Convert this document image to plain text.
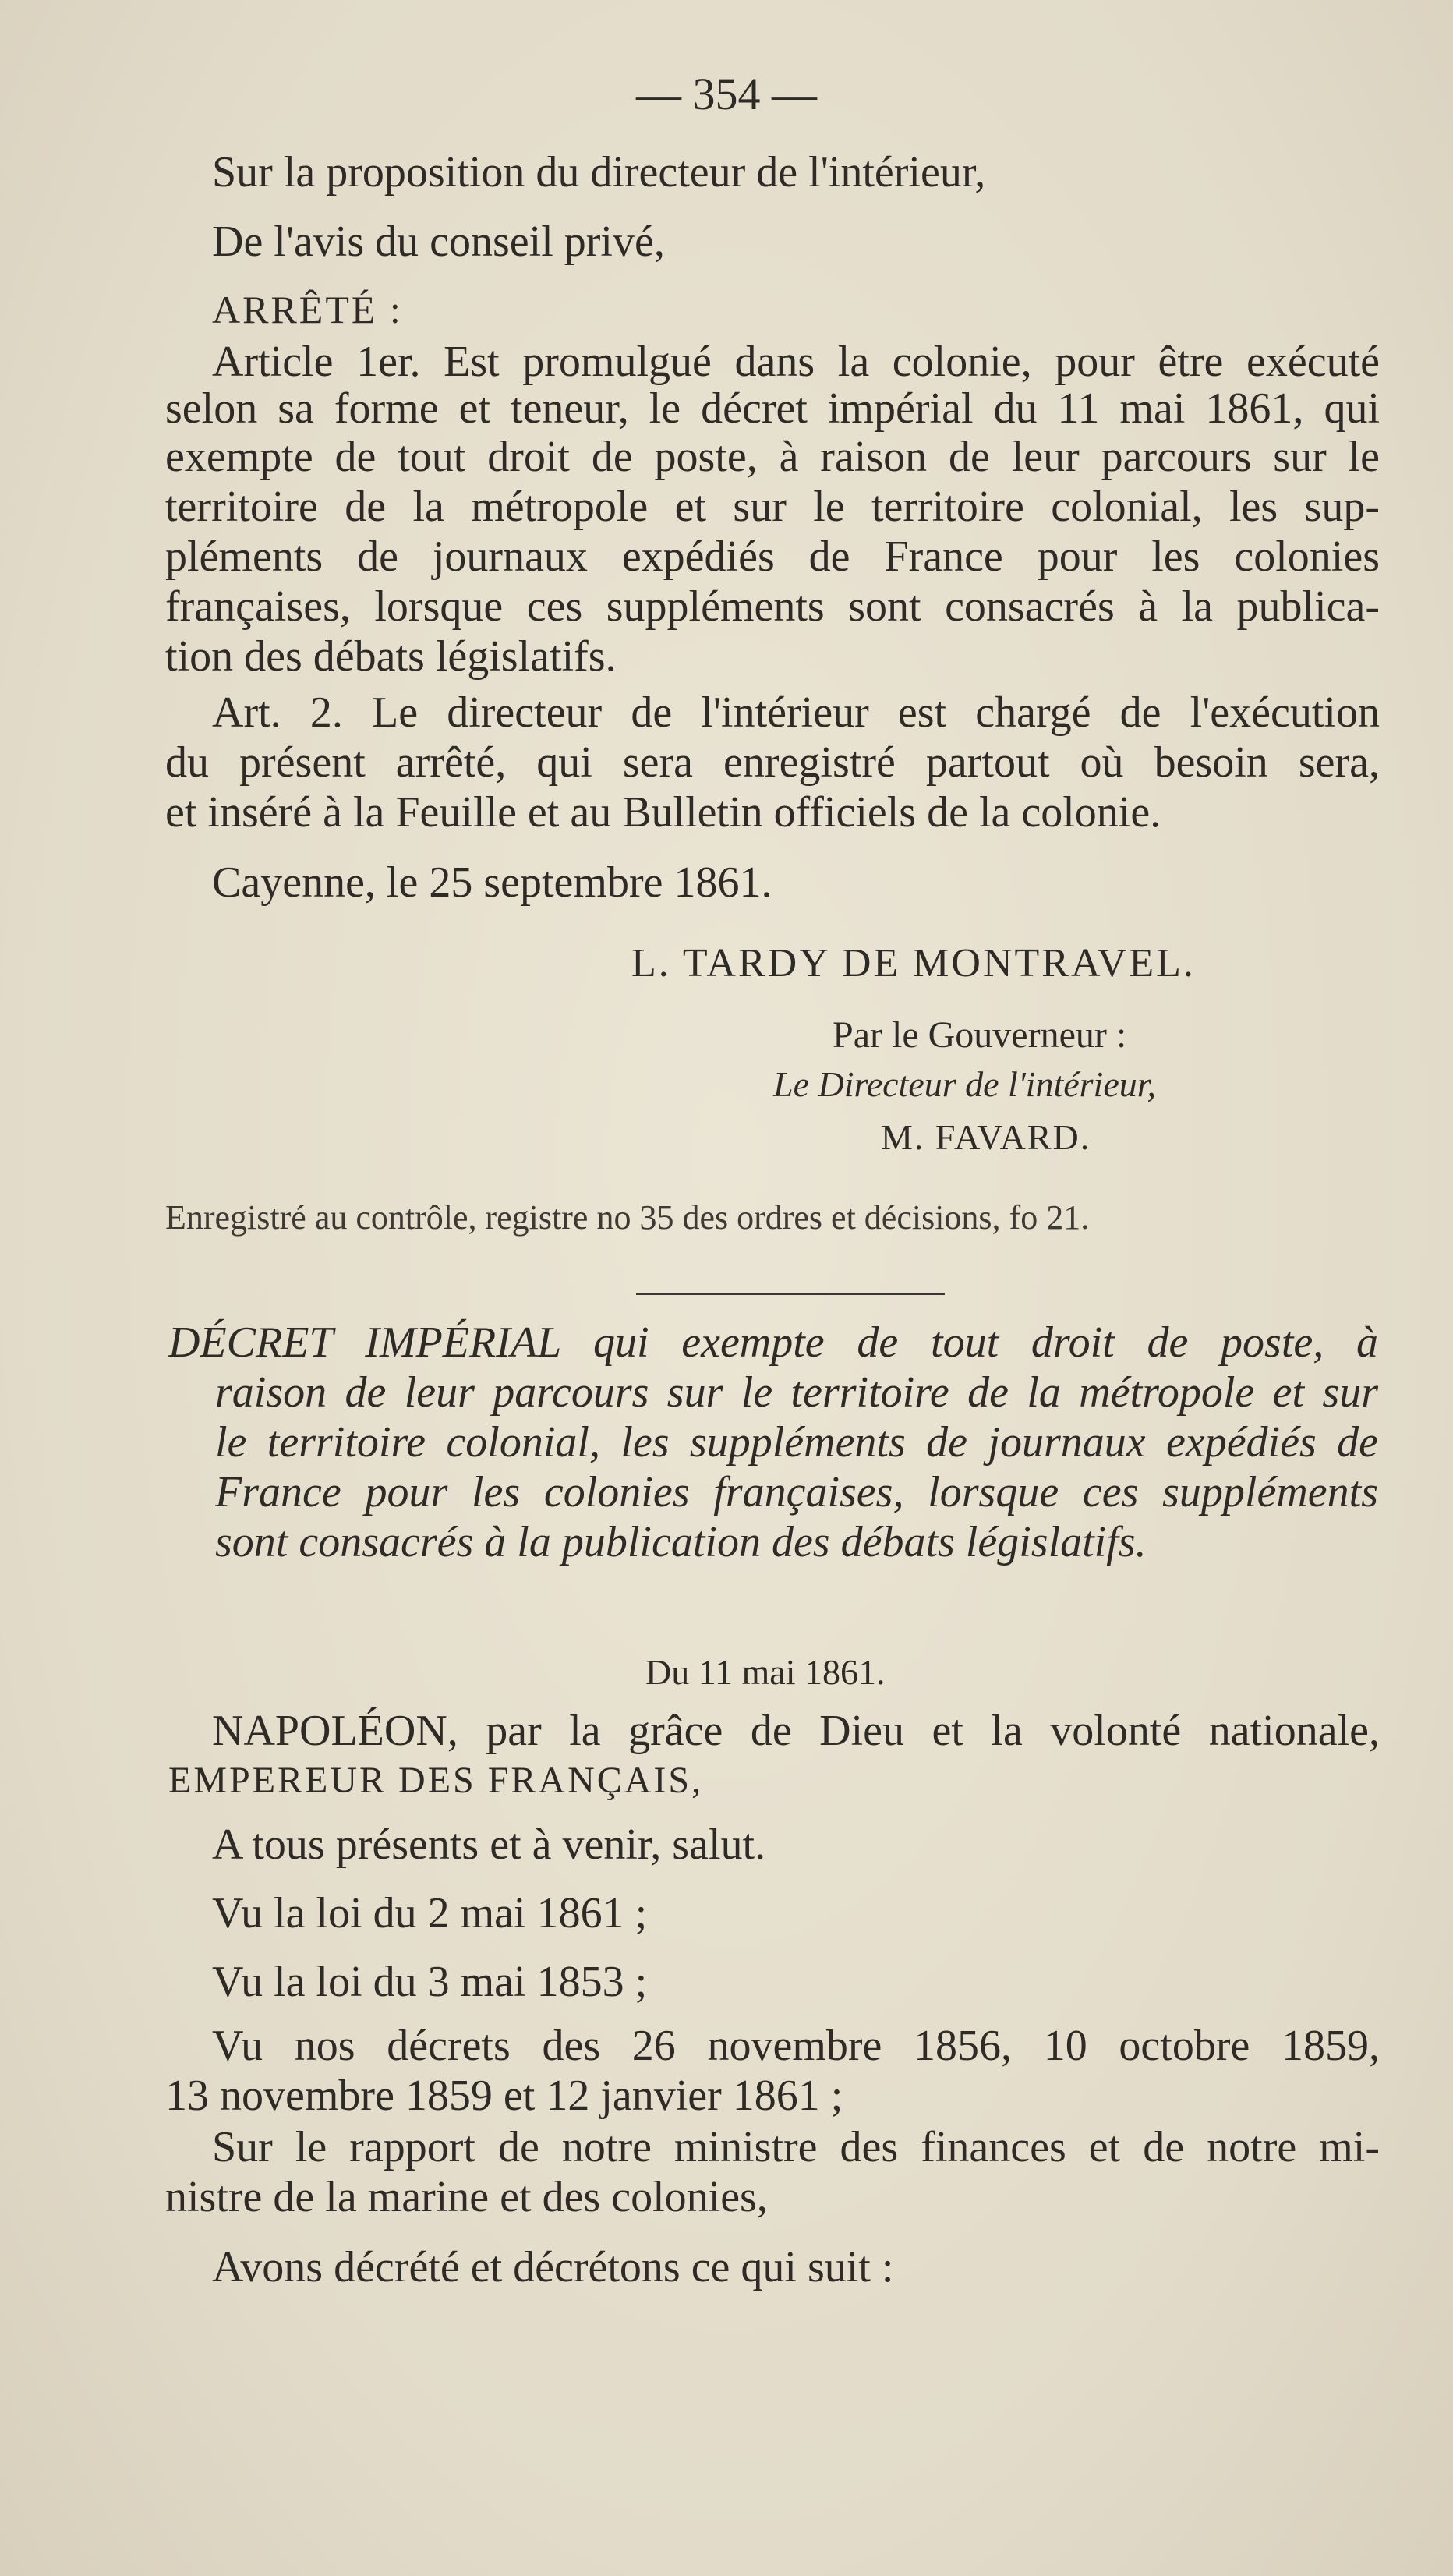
— 354 —
Sur la proposition du directeur de l'intérieur,
De l'avis du conseil privé,
ARRÊTÉ :
Article 1er. Est promulgué dans la colonie, pour être exécuté
selon sa forme et teneur, le décret impérial du 11 mai 1861, qui
exempte de tout droit de poste, à raison de leur parcours sur le
territoire de la métropole et sur le territoire colonial, les sup-
pléments de journaux expédiés de France pour les colonies
françaises, lorsque ces suppléments sont consacrés à la publica-
tion des débats législatifs.
Art. 2. Le directeur de l'intérieur est chargé de l'exécution
du présent arrêté, qui sera enregistré partout où besoin sera,
et inséré à la Feuille et au Bulletin officiels de la colonie.
Cayenne, le 25 septembre 1861.
L. TARDY DE MONTRAVEL.
Par le Gouverneur :
Le Directeur de l'intérieur,
M. FAVARD.
Enregistré au contrôle, registre no 35 des ordres et décisions, fo 21.
DÉCRET IMPÉRIAL qui exempte de tout droit de poste, à
raison de leur parcours sur le territoire de la métropole et sur
le territoire colonial, les suppléments de journaux expédiés de
France pour les colonies françaises, lorsque ces suppléments
sont consacrés à la publication des débats législatifs.
Du 11 mai 1861.
NAPOLÉON, par la grâce de Dieu et la volonté nationale,
EMPEREUR DES FRANÇAIS,
A tous présents et à venir, salut.
Vu la loi du 2 mai 1861 ;
Vu la loi du 3 mai 1853 ;
Vu nos décrets des 26 novembre 1856, 10 octobre 1859,
13 novembre 1859 et 12 janvier 1861 ;
Sur le rapport de notre ministre des finances et de notre mi-
nistre de la marine et des colonies,
Avons décrété et décrétons ce qui suit :
